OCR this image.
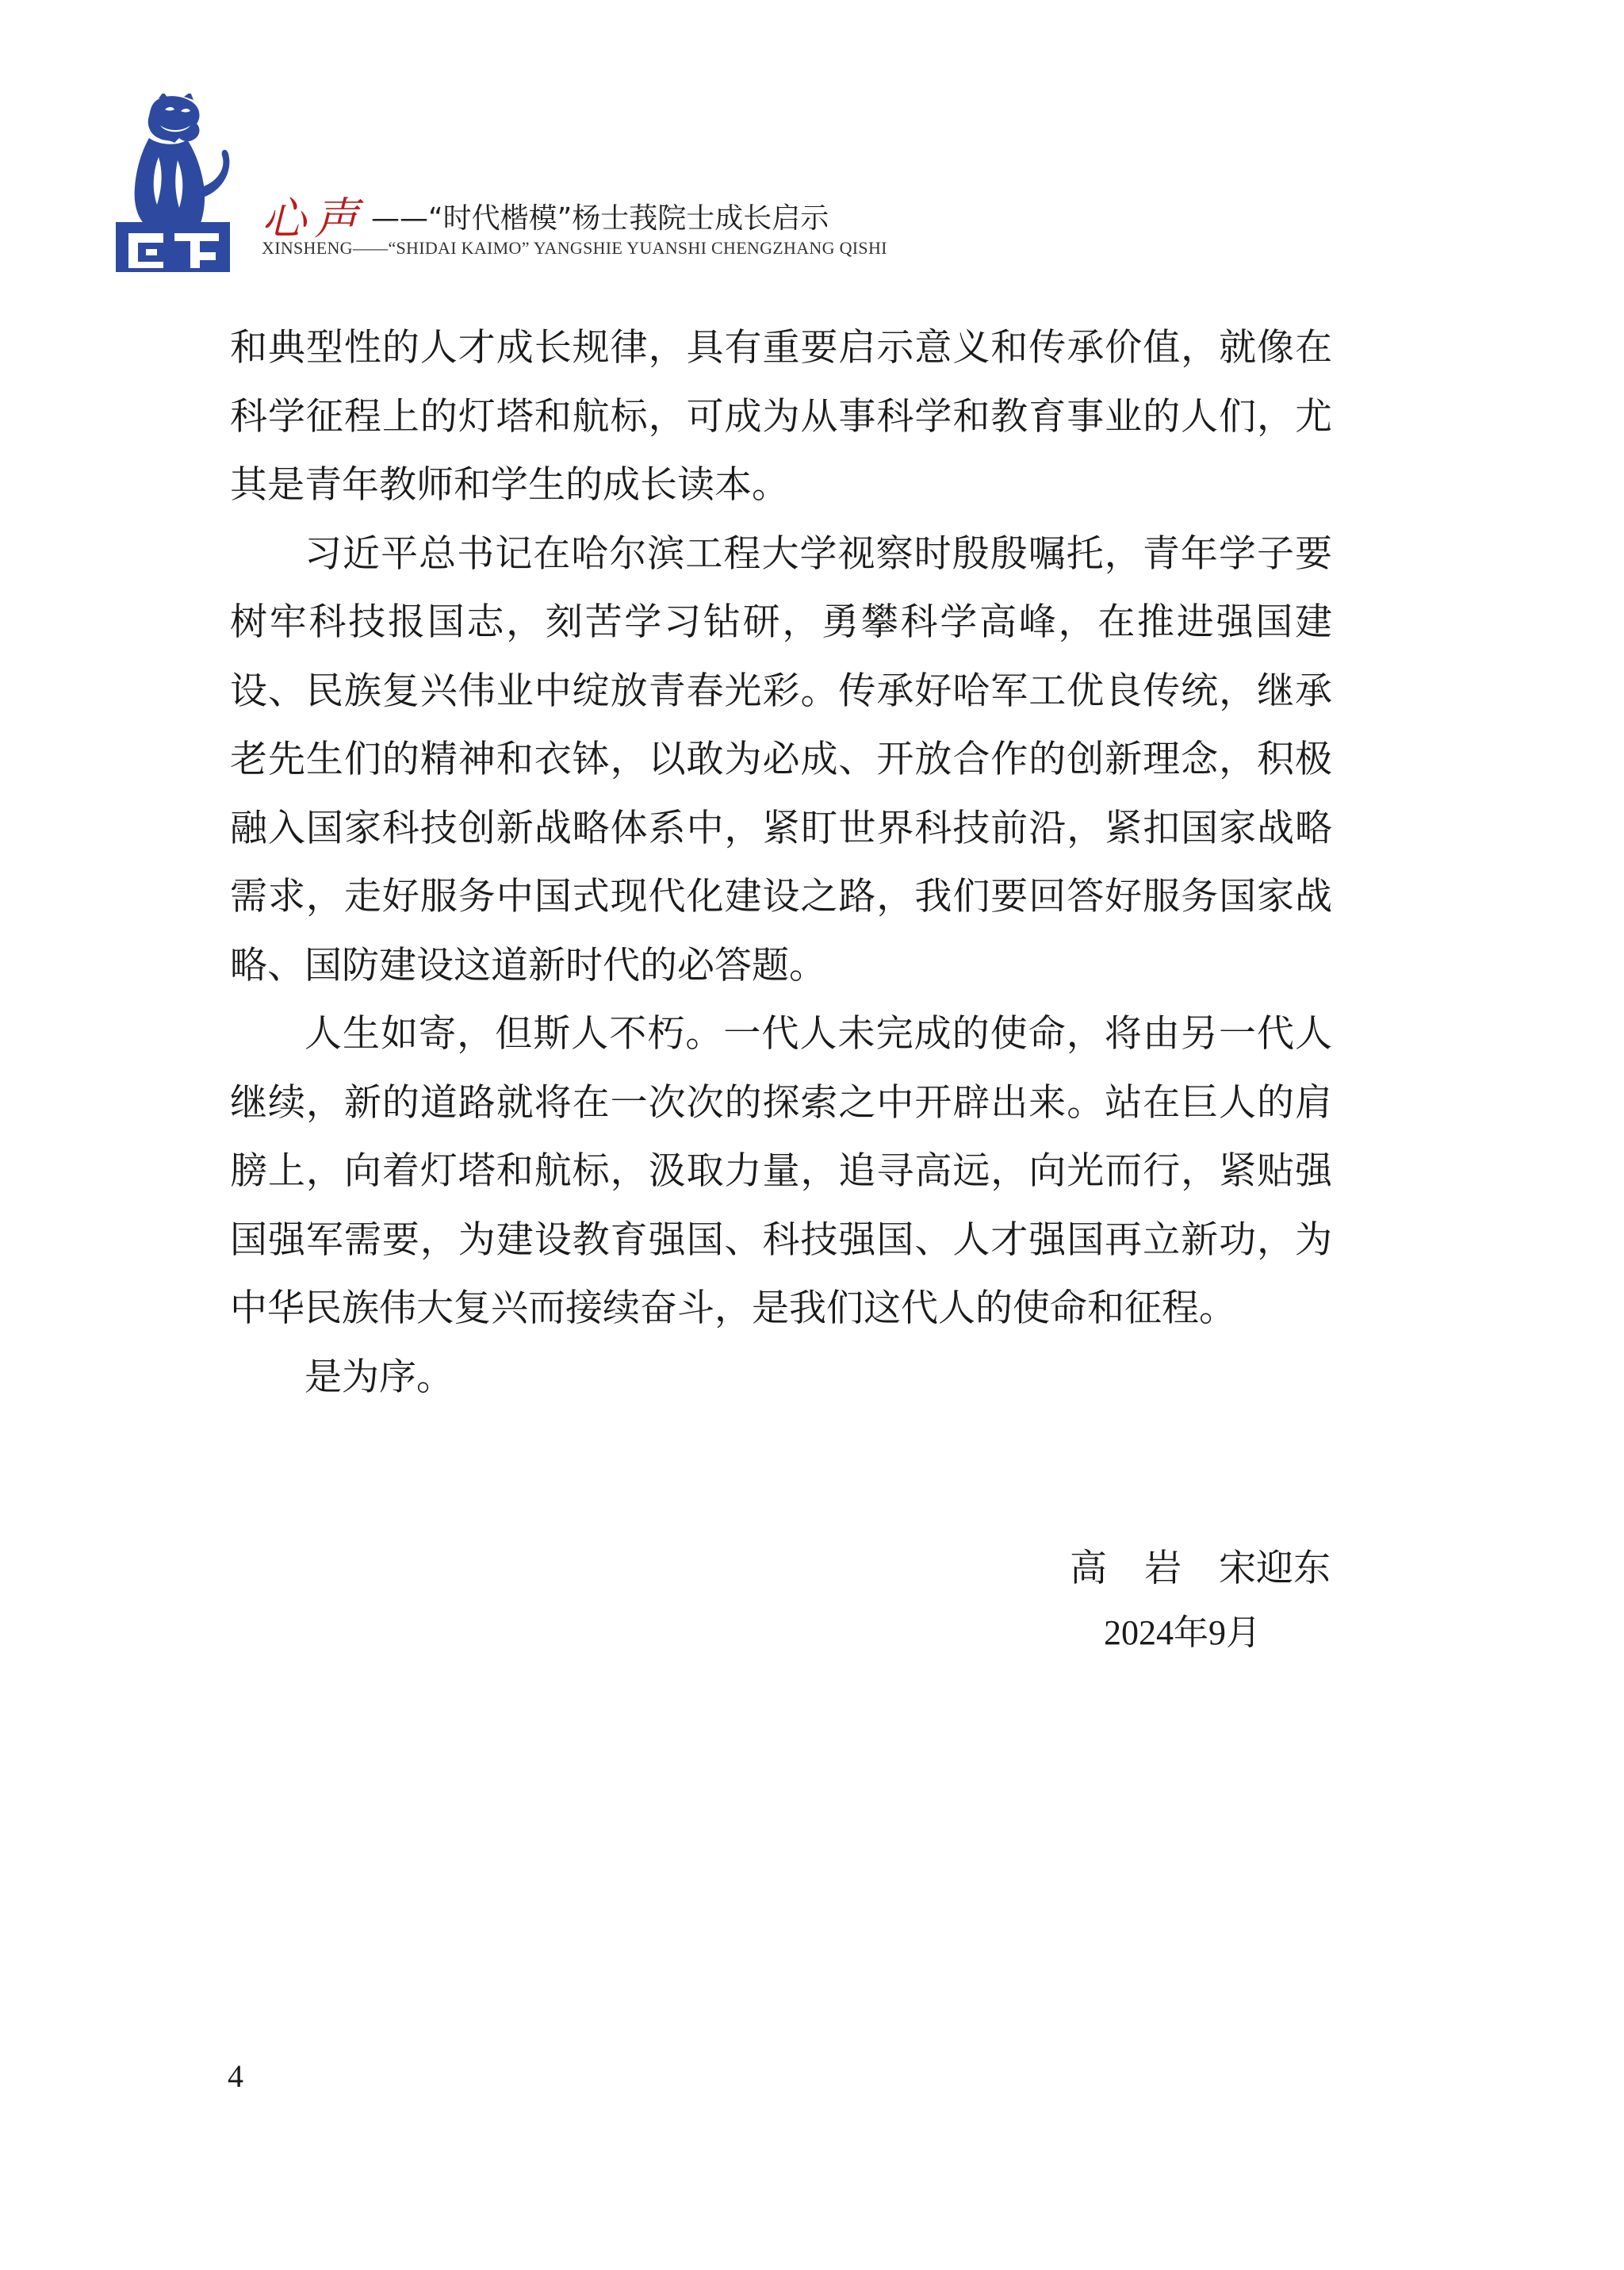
心声 ——“时代楷模”杨士莪院士成长启示
XINSHENG——“SHIDAI KAIMO” YANGSHIE YUANSHI CHENGZHANG QISHI

和典型性的人才成长规律，具有重要启示意义和传承价值，就像在科学征程上的灯塔和航标，可成为从事科学和教育事业的人们，尤其是青年教师和学生的成长读本。

习近平总书记在哈尔滨工程大学视察时殷殷嘱托，青年学子要树牢科技报国志，刻苦学习钻研，勇攀科学高峰，在推进强国建设、民族复兴伟业中绽放青春光彩。传承好哈军工优良传统，继承老先生们的精神和衣钵，以敢为必成、开放合作的创新理念，积极融入国家科技创新战略体系中，紧盯世界科技前沿，紧扣国家战略需求，走好服务中国式现代化建设之路，我们要回答好服务国家战略、国防建设这道新时代的必答题。

人生如寄，但斯人不朽。一代人未完成的使命，将由另一代人继续，新的道路就将在一次次的探索之中开辟出来。站在巨人的肩膀上，向着灯塔和航标，汲取力量，追寻高远，向光而行，紧贴强国强军需要，为建设教育强国、科技强国、人才强国再立新功，为中华民族伟大复兴而接续奋斗，是我们这代人的使命和征程。

是为序。

高　岩　宋迎东
2024年9月
4
